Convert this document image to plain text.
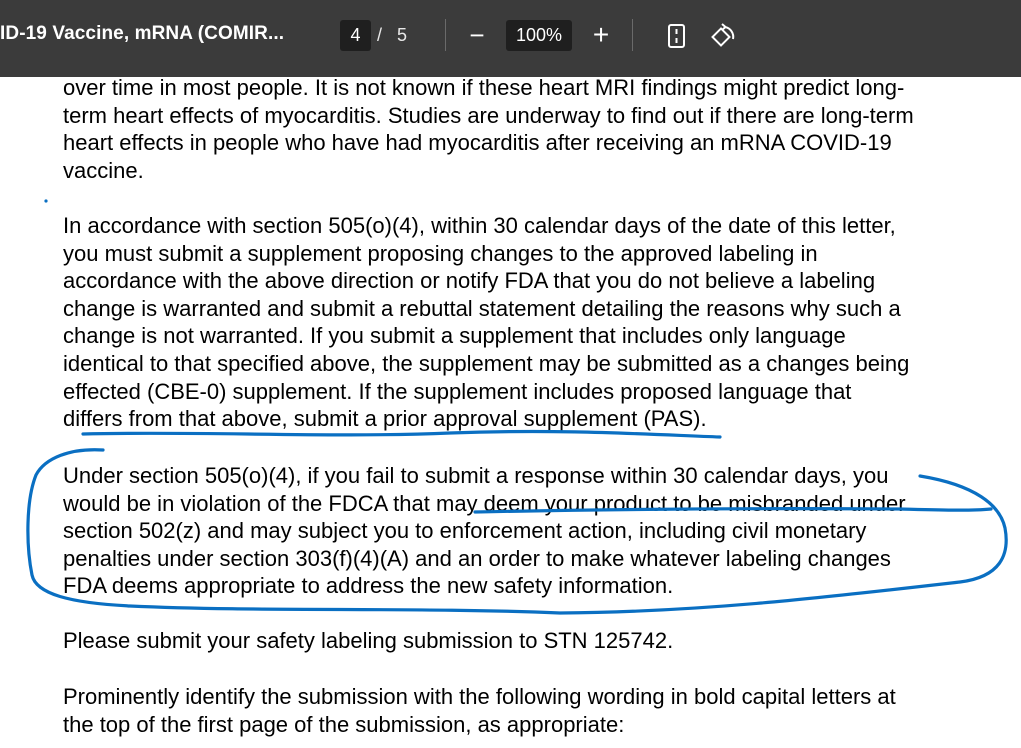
ID-19 Vaccine, mRNA (COMIR...	4 / 5 −	100%	+

over time in most people. It is not known if these heart MRI findings might predict long-
term heart effects of myocarditis. Studies are underway to find out if there are long-term
heart effects in people who have had myocarditis after receiving an mRNA COVID-19
vaccine.

In accordance with section 505(o)(4), within 30 calendar days of the date of this letter,
you must submit a supplement proposing changes to the approved labeling in
accordance with the above direction or notify FDA that you do not believe a labeling
change is warranted and submit a rebuttal statement detailing the reasons why such a
change is not warranted. If you submit a supplement that includes only language
identical to that specified above, the supplement may be submitted as a changes being
effected (CBE-0) supplement. If the supplement includes proposed language that
differs from that above, submit a prior approval supplement (PAS).

Under section 505(o)(4), if you fail to submit a response within 30 calendar days, you
would be in violation of the FDCA that may deem your product to be misbranded under
section 502(z) and may subject you to enforcement action, including civil monetary
penalties under section 303(f)(4)(A) and an order to make whatever labeling changes
FDA deems appropriate to address the new safety information.

Please submit your safety labeling submission to STN 125742.

Prominently identify the submission with the following wording in bold capital letters at
the top of the first page of the submission, as appropriate:
